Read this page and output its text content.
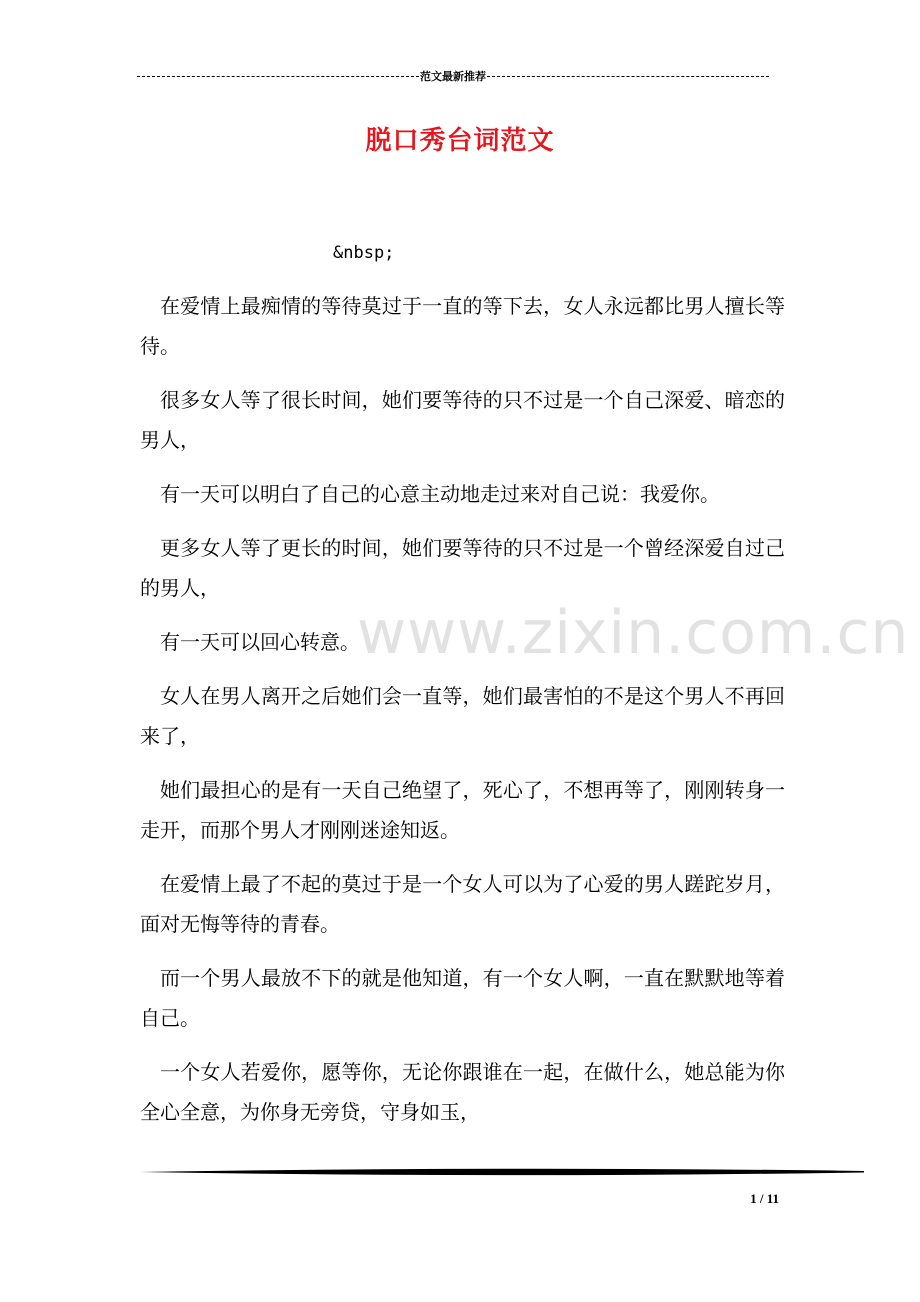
范文最新推荐
脱口秀台词范文
&nbsp;

在爱情上最痴情的等待莫过于一直的等下去，女人永远都比男人擅长等待。

很多女人等了很长时间，她们要等待的只不过是一个自己深爱、暗恋的男人，

有一天可以明白了自己的心意主动地走过来对自己说：我爱你。

更多女人等了更长的时间，她们要等待的只不过是一个曾经深爱自过己的男人，

有一天可以回心转意。

女人在男人离开之后她们会一直等，她们最害怕的不是这个男人不再回来了，

她们最担心的是有一天自己绝望了，死心了，不想再等了，刚刚转身一走开，而那个男人才刚刚迷途知返。

在爱情上最了不起的莫过于是一个女人可以为了心爱的男人蹉跎岁月，面对无悔等待的青春。

而一个男人最放不下的就是他知道，有一个女人啊，一直在默默地等着自己。

一个女人若爱你，愿等你，无论你跟谁在一起，在做什么，她总能为你全心全意，为你身无旁贷，守身如玉，

www.zixin.com.cn
1 / 11
